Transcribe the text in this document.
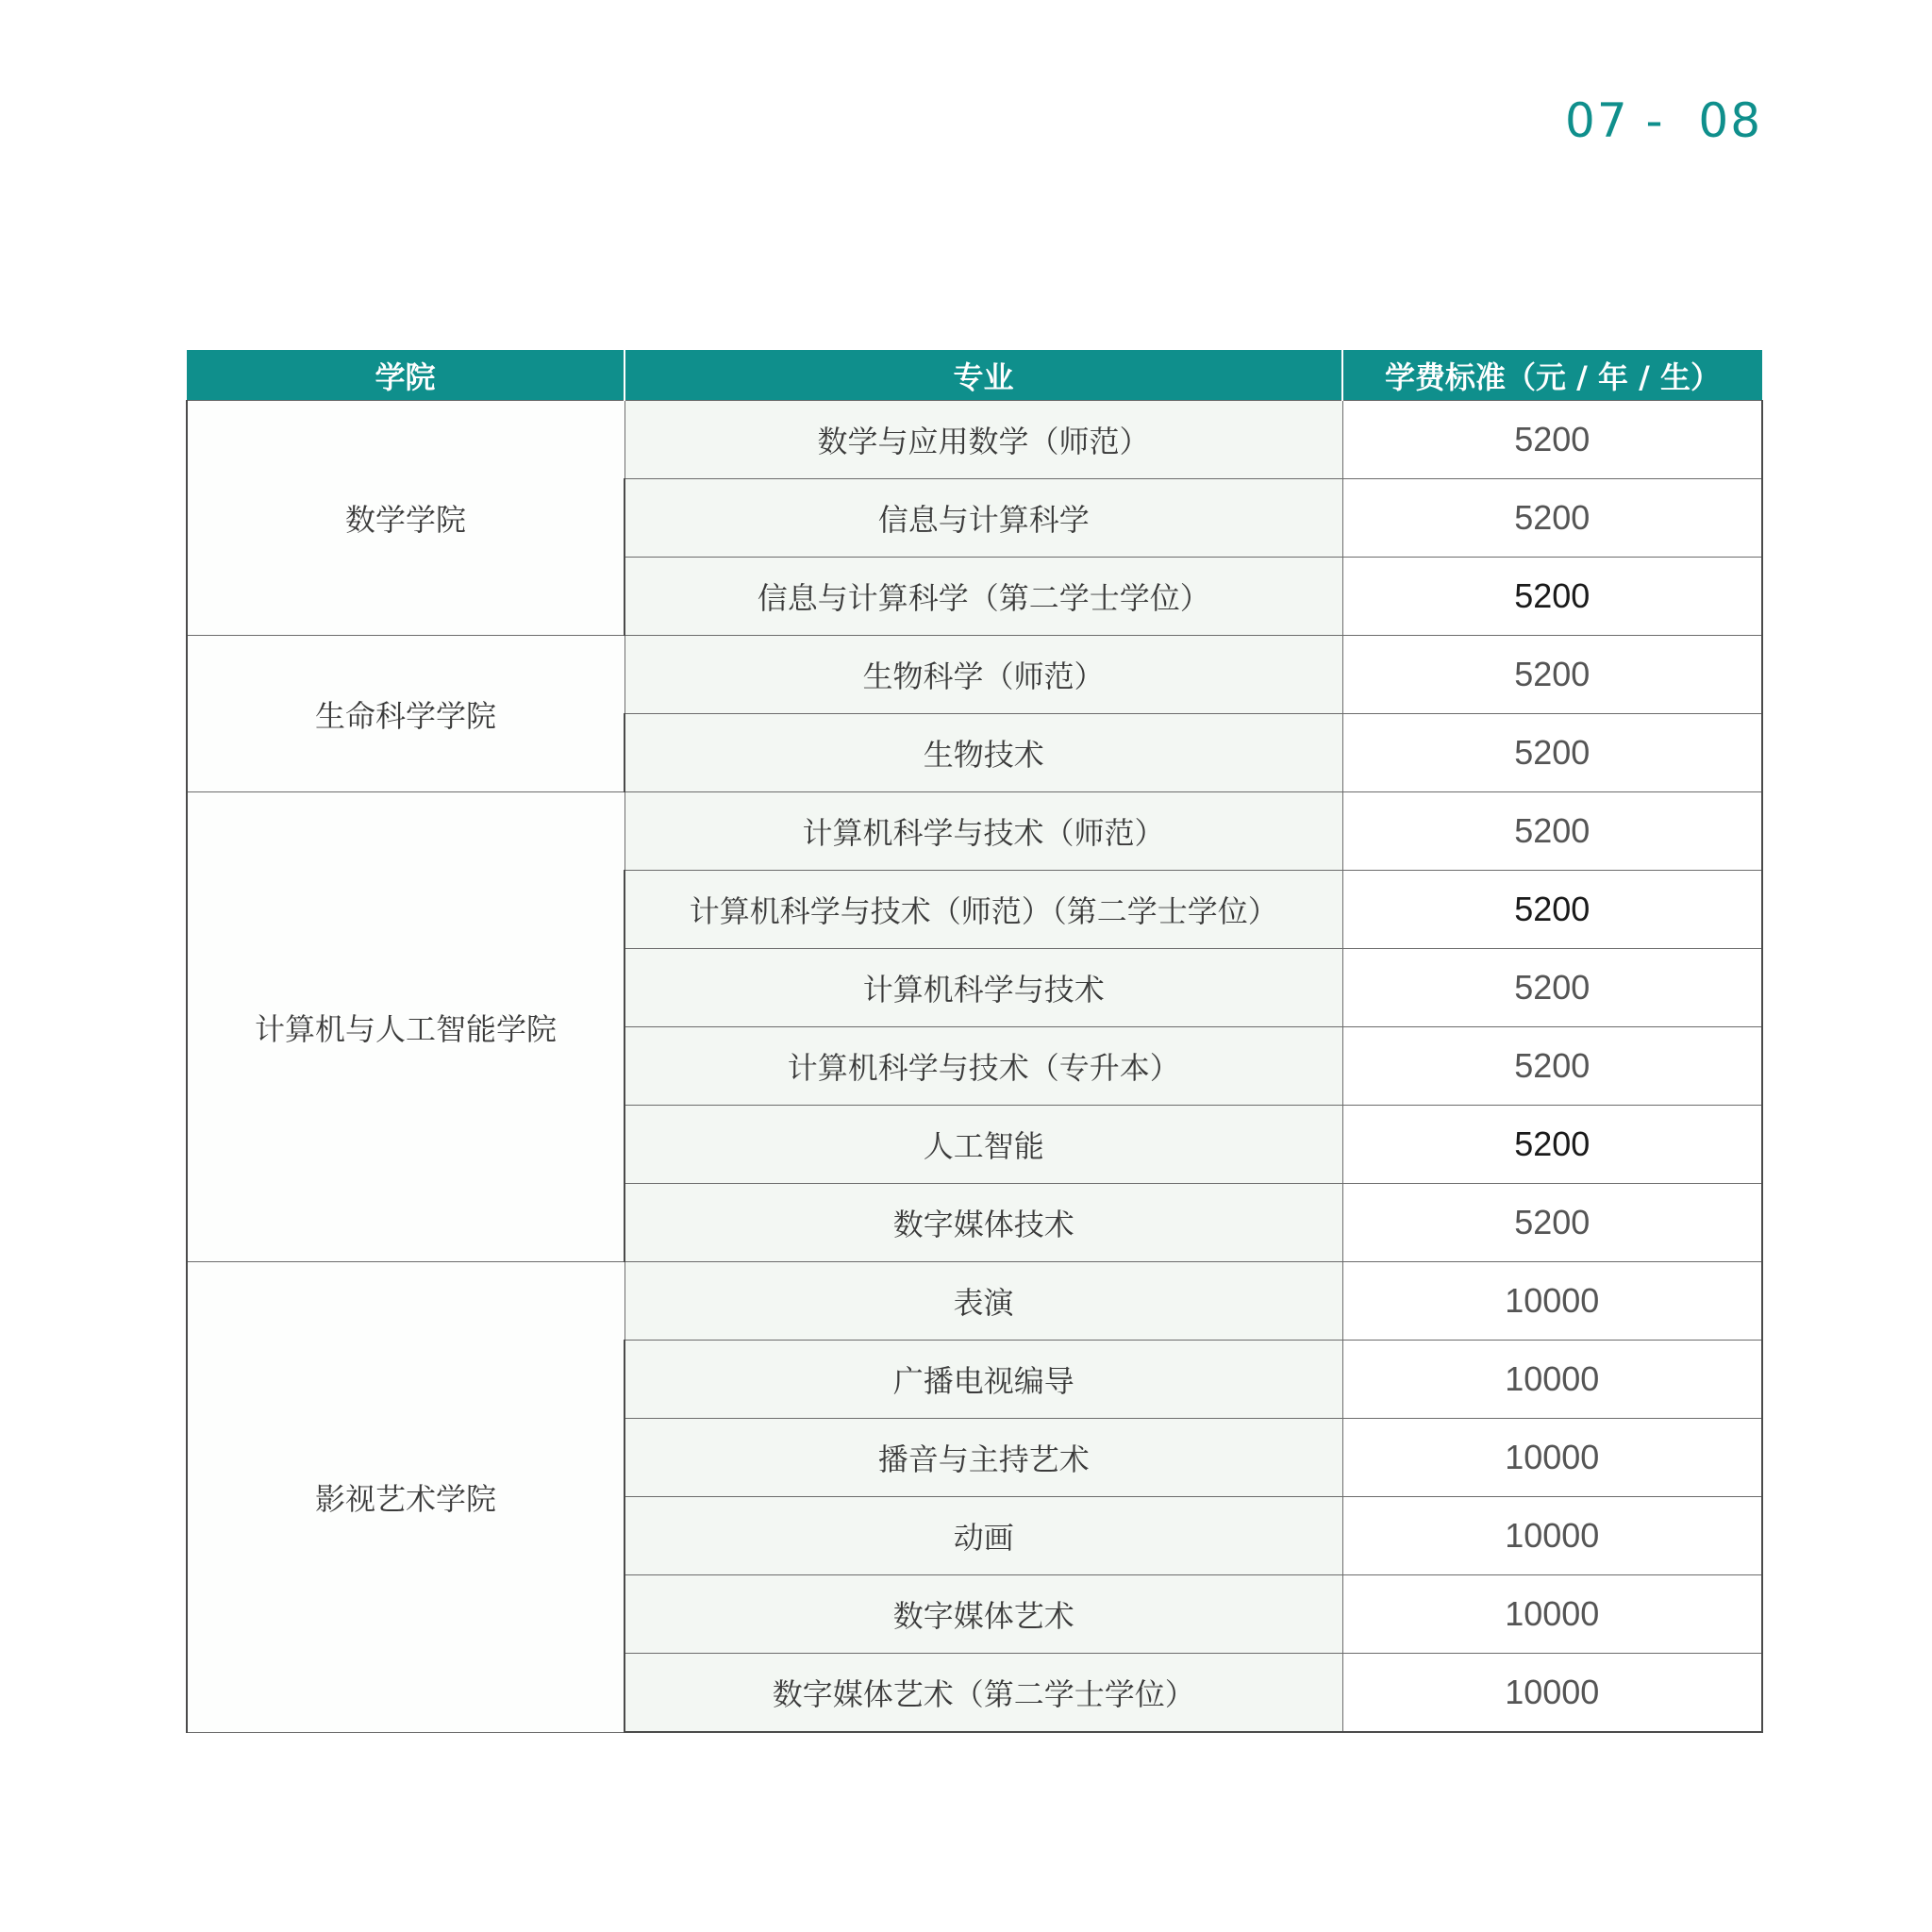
07 -  08
学院	专业	学费标准（元 / 年 / 生）
数学学院	数学与应用数学（师范）	5200
	信息与计算科学	5200
	信息与计算科学（第二学士学位）	5200
生命科学学院	生物科学（师范）	5200
	生物技术	5200
计算机与人工智能学院	计算机科学与技术（师范）	5200
	计算机科学与技术（师范）（第二学士学位）	5200
	计算机科学与技术	5200
	计算机科学与技术（专升本）	5200
	人工智能	5200
	数字媒体技术	5200
影视艺术学院	表演	10000
	广播电视编导	10000
	播音与主持艺术	10000
	动画	10000
	数字媒体艺术	10000
	数字媒体艺术（第二学士学位）	10000
